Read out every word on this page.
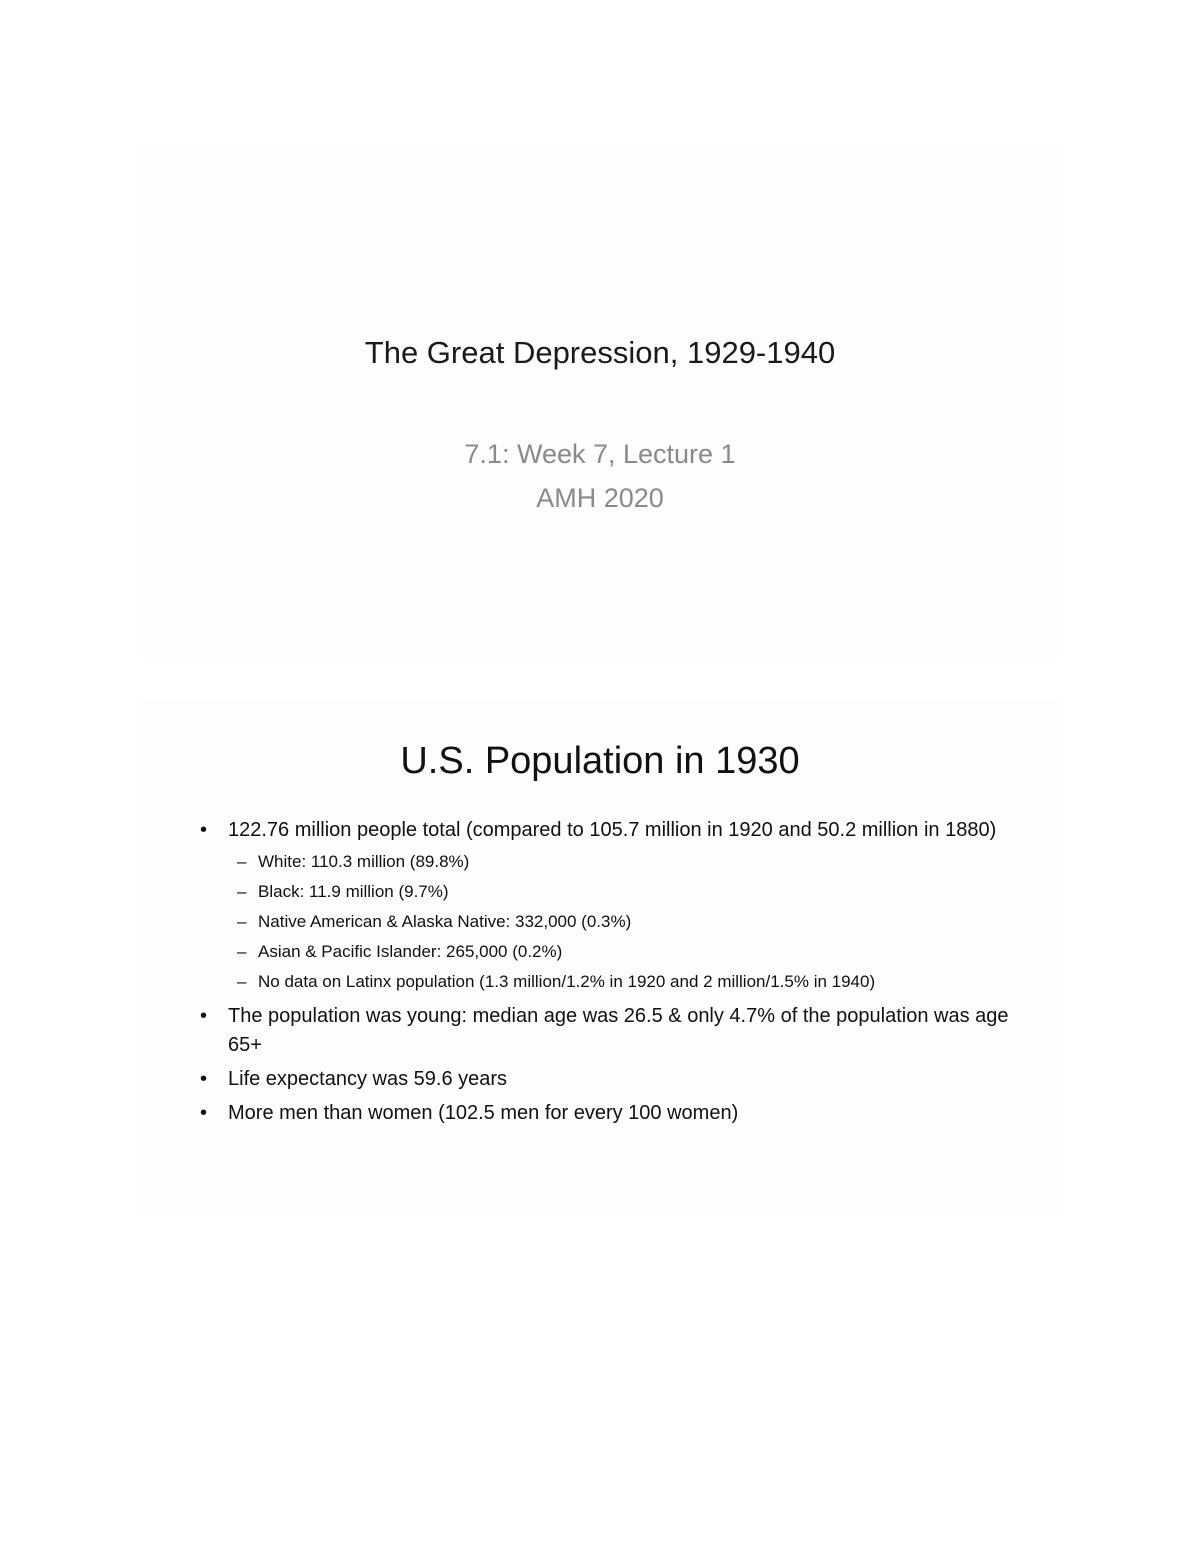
The Great Depression, 1929-1940
7.1: Week 7, Lecture 1
AMH 2020
U.S. Population in 1930
• 122.76 million people total (compared to 105.7 million in 1920 and 50.2 million in 1880)
– White: 110.3 million (89.8%)
– Black: 11.9 million (9.7%)
– Native American & Alaska Native: 332,000 (0.3%)
– Asian & Pacific Islander: 265,000 (0.2%)
– No data on Latinx population (1.3 million/1.2% in 1920 and 2 million/1.5% in 1940)
• The population was young: median age was 26.5 & only 4.7% of the population was age 65+
• Life expectancy was 59.6 years
• More men than women (102.5 men for every 100 women)
